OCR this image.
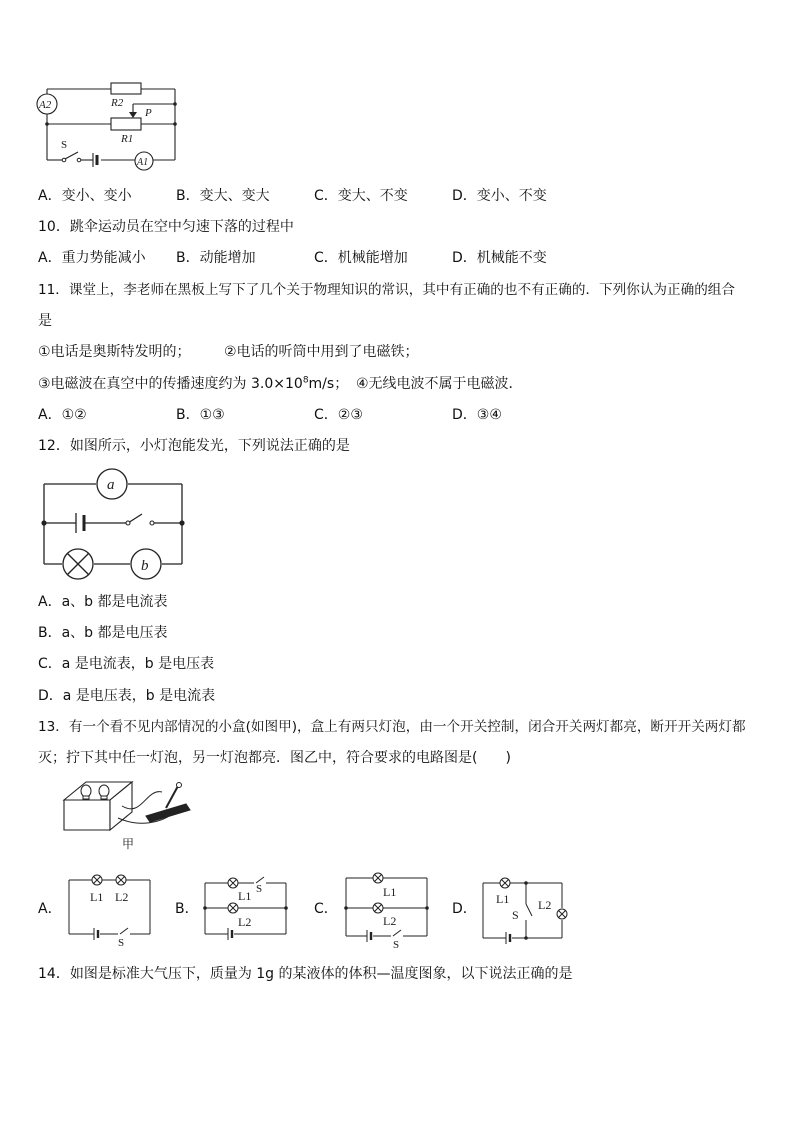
A2	R2
P
R1
S
A1
A．变小、变小	B．变大、变大	C．变大、不变	D．变小、不变
10．跳伞运动员在空中匀速下落的过程中
A．重力势能减小 B．动能增加	C．机械能增加	D．机械能不变
11．课堂上，李老师在黑板上写下了几个关于物理知识的常识，其中有正确的也不有正确的．下列你认为正确的组合
是
①电话是奥斯特发明的； ②电话的听筒中用到了电磁铁；
③电磁波在真空中的传播速度约为 $3.0\times 10^8m/s$； ④无线电波不属于电磁波．
A．①②	B．①③	C．②③	D．③④
12．如图所示，小灯泡能发光，下列说法正确的是
a
b
A．a、b 都是电流表
B．a、b 都是电压表
C．a 是电流表，b 是电压表
D．a 是电压表，b 是电流表
13．有一个看不见内部情况的小盒(如图甲)，盒上有两只灯泡，由一个开关控制，闭合开关两灯都亮，断开开关两灯都
灭；拧下其中任一灯泡，另一灯泡都亮．图乙中，符合要求的电路图是(　　)
甲
A．
L1 L2
S
B．
L1 S
L2
C．
L1
L2
S
D．
L1 L2
S
14．如图是标准大气压下，质量为 1g 的某液体的体积—温度图象，以下说法正确的是
